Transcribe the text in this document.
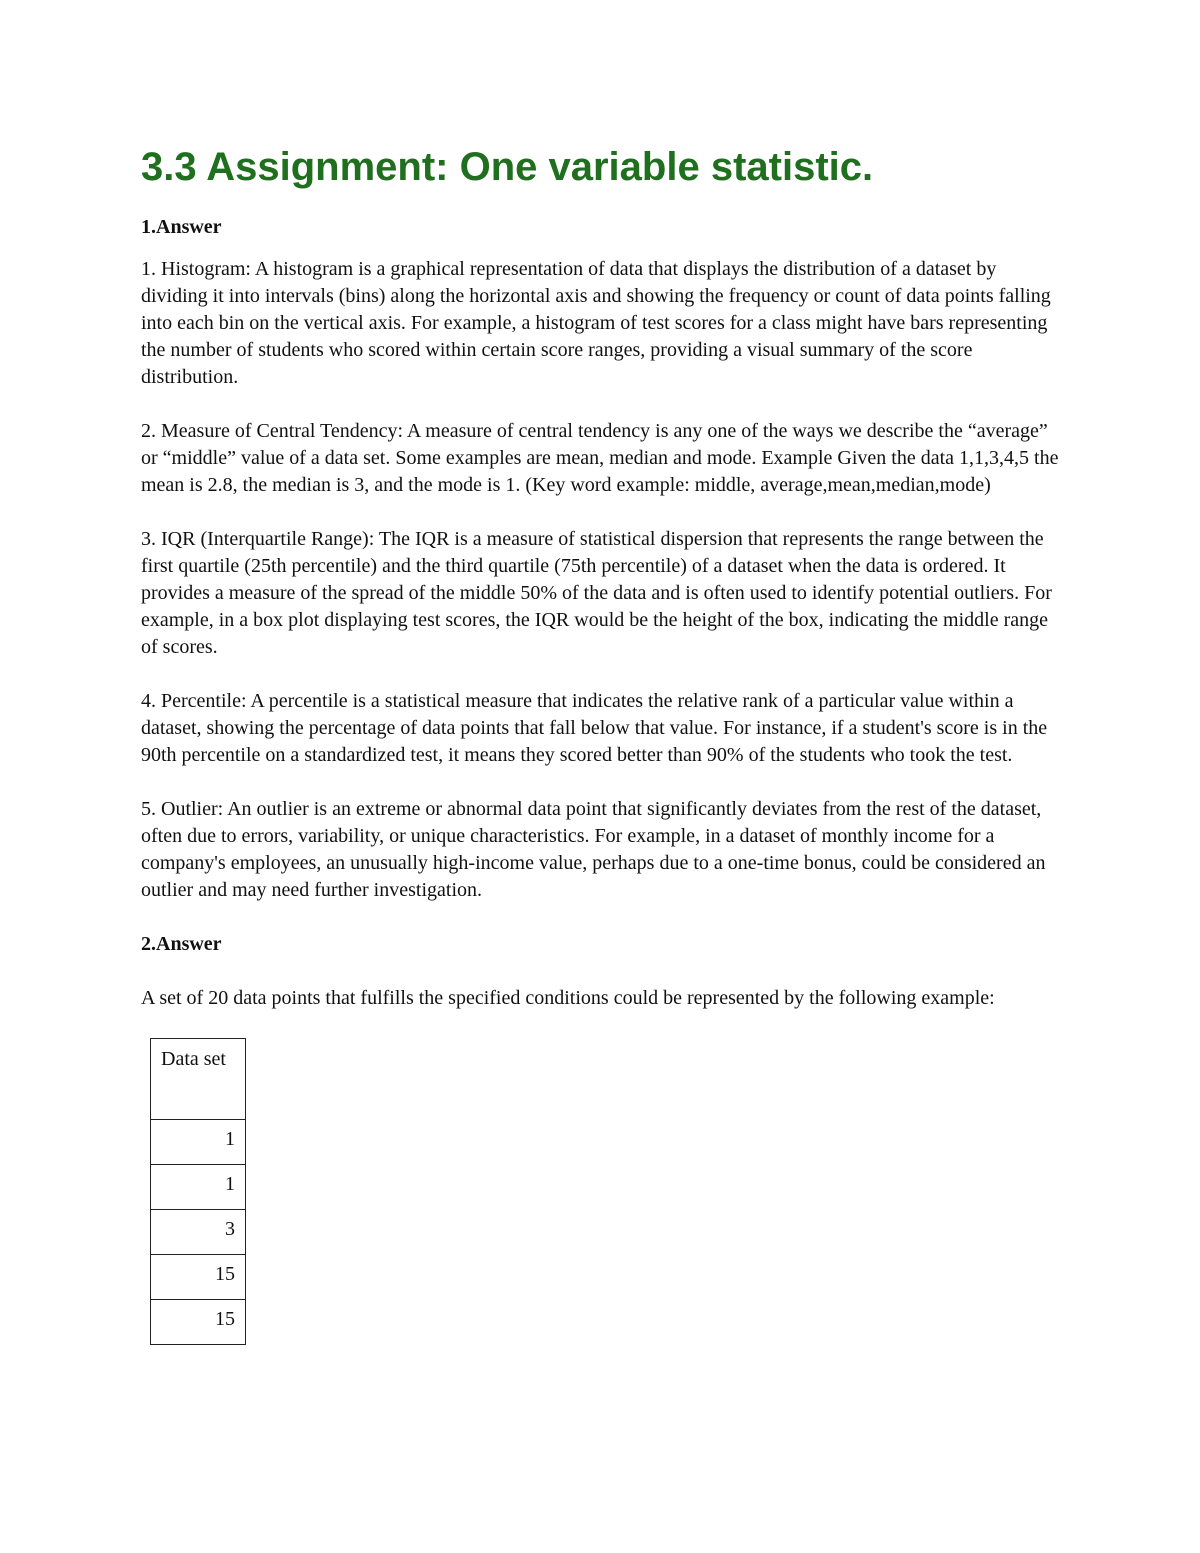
3.3 Assignment: One variable statistic.

1.Answer

1. Histogram: A histogram is a graphical representation of data that displays the distribution of a dataset by dividing it into intervals (bins) along the horizontal axis and showing the frequency or count of data points falling into each bin on the vertical axis. For example, a histogram of test scores for a class might have bars representing the number of students who scored within certain score ranges, providing a visual summary of the score distribution.

2. Measure of Central Tendency: A measure of central tendency is any one of the ways we describe the “average” or “middle” value of a data set. Some examples are mean, median and mode. Example Given the data 1,1,3,4,5 the mean is 2.8, the median is 3, and the mode is 1. (Key word example: middle, average,mean,median,mode)

3. IQR (Interquartile Range): The IQR is a measure of statistical dispersion that represents the range between the first quartile (25th percentile) and the third quartile (75th percentile) of a dataset when the data is ordered. It provides a measure of the spread of the middle 50% of the data and is often used to identify potential outliers. For example, in a box plot displaying test scores, the IQR would be the height of the box, indicating the middle range of scores.

4. Percentile: A percentile is a statistical measure that indicates the relative rank of a particular value within a dataset, showing the percentage of data points that fall below that value. For instance, if a student's score is in the 90th percentile on a standardized test, it means they scored better than 90% of the students who took the test.

5. Outlier: An outlier is an extreme or abnormal data point that significantly deviates from the rest of the dataset, often due to errors, variability, or unique characteristics. For example, in a dataset of monthly income for a company's employees, an unusually high-income value, perhaps due to a one-time bonus, could be considered an outlier and may need further investigation.

2.Answer

A set of 20 data points that fulfills the specified conditions could be represented by the following example:

Data set
1
1
3
15
15
